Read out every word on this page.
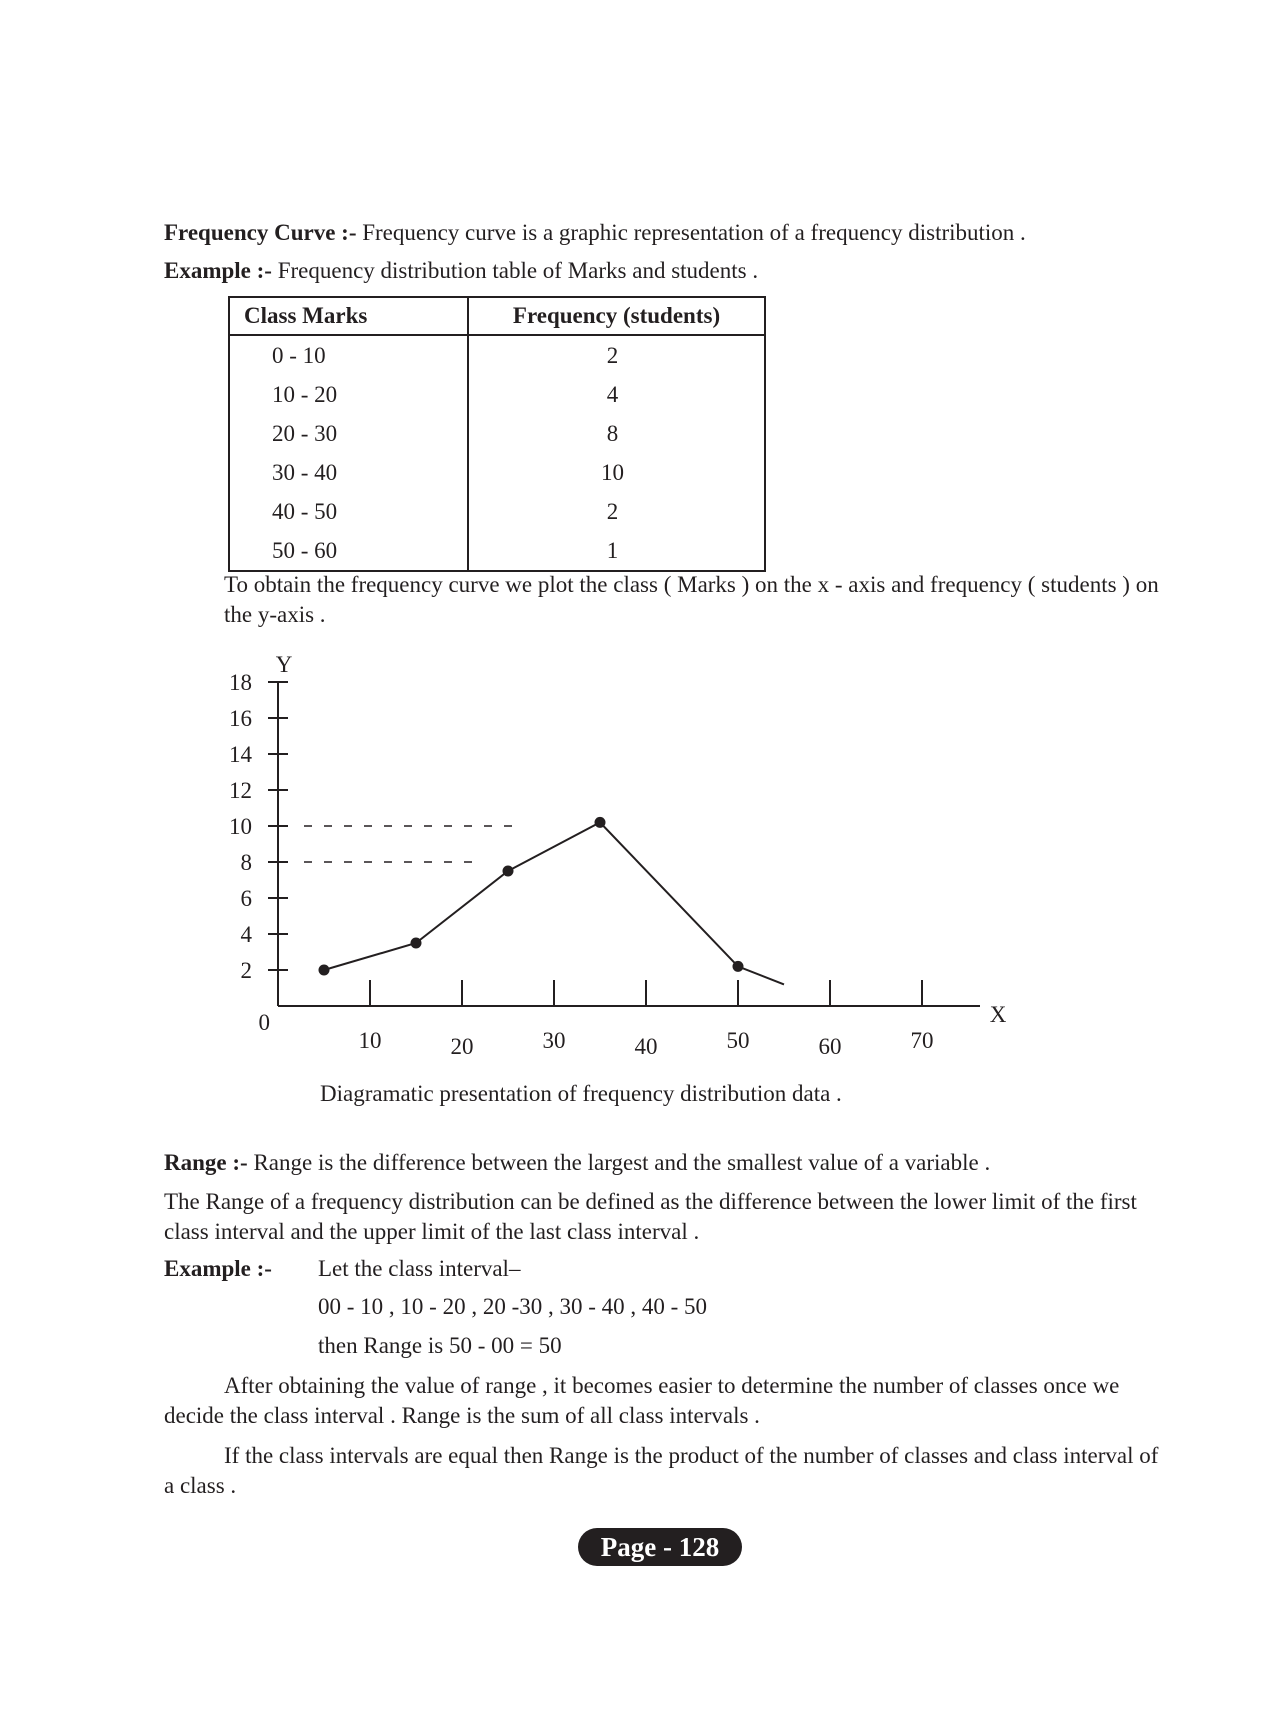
Frequency Curve :- Frequency curve is a graphic representation of a frequency distribution .

Example :- Frequency distribution table of Marks and students .

Class Marks	Frequency (students)
0 - 10	2
10 - 20	4
20 - 30	8
30 - 40	10
40 - 50	2
50 - 60	1

To obtain the frequency curve we plot the class ( Marks ) on the x - axis and frequency ( students ) on
the y-axis .

2
4
6
8
10
12
14
16
18
10	20	30	40	50	60	70
0
Y
X
Diagramatic presentation of frequency distribution data .

Range :- Range is the difference between the largest and the smallest value of a variable .

The Range of a frequency distribution can be defined as the difference between the lower limit of the first
class interval and the upper limit of the last class interval .

Example :- Let the class interval–

00 - 10 , 10 - 20 , 20 -30 , 30 - 40 , 40 - 50

then Range is 50 - 00 = 50

After obtaining the value of range , it becomes easier to determine the number of classes once we
decide the class interval . Range is the sum of all class intervals .

If the class intervals are equal then Range is the product of the number of classes and class interval of
a class .

Page - 128
